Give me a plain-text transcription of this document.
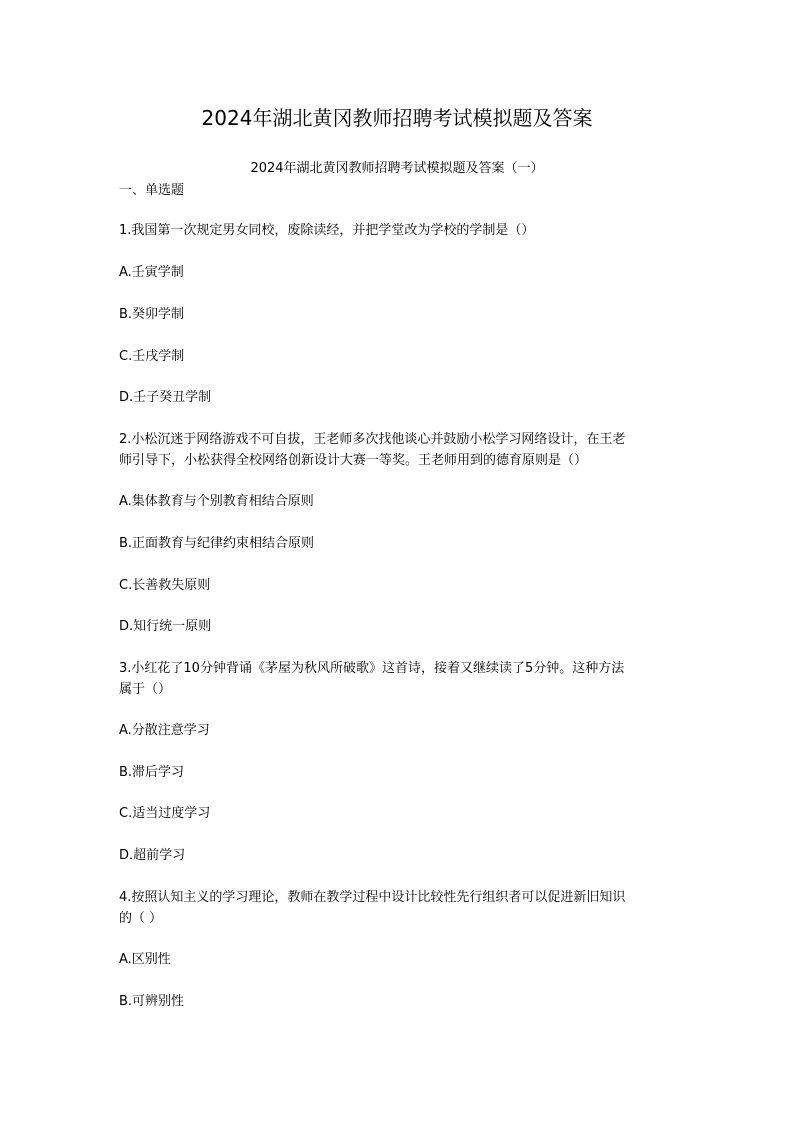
2024年湖北黄冈教师招聘考试模拟题及答案
2024年湖北黄冈教师招聘考试模拟题及答案（一）
一、单选题
1.我国第一次规定男女同校，废除读经，并把学堂改为学校的学制是（）
A.壬寅学制
B.癸卯学制
C.壬戌学制
D.壬子癸丑学制
2.小松沉迷于网络游戏不可自拔，王老师多次找他谈心并鼓励小松学习网络设计，在王老
师引导下，小松获得全校网络创新设计大赛一等奖。王老师用到的德育原则是（）
A.集体教育与个别教育相结合原则
B.正面教育与纪律约束相结合原则
C.长善救失原则
D.知行统一原则
3.小红花了10分钟背诵《茅屋为秋风所破歌》这首诗，接着又继续读了5分钟。这种方法
属于（）
A.分散注意学习
B.滞后学习
C.适当过度学习
D.超前学习
4.按照认知主义的学习理论，教师在教学过程中设计比较性先行组织者可以促进新旧知识
的（ ）
A.区别性
B.可辨别性
